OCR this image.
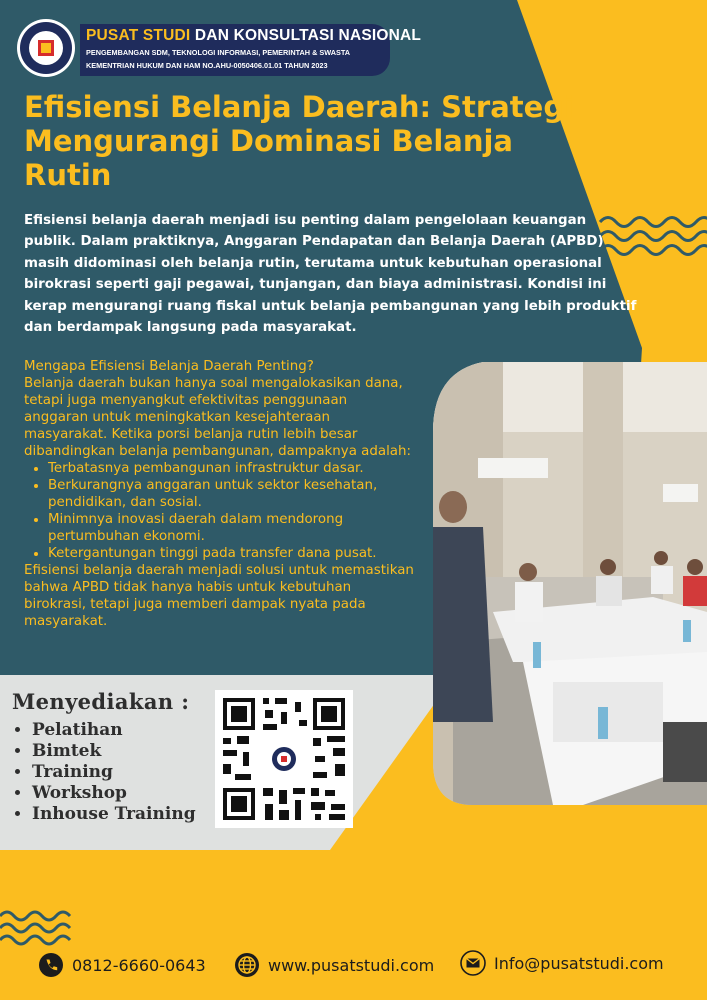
PUSAT STUDI DAN KONSULTASI NASIONAL
PENGEMBANGAN SDM, TEKNOLOGI INFORMASI, PEMERINTAH & SWASTA
KEMENTRIAN HUKUM DAN HAM NO.AHU-0050406.01.01 TAHUN 2023
Efisiensi Belanja Daerah: Strategi
Mengurangi Dominasi Belanja
Rutin

Efisiensi belanja daerah menjadi isu penting dalam pengelolaan keuangan publik. Dalam praktiknya, Anggaran Pendapatan dan Belanja Daerah (APBD) masih didominasi oleh belanja rutin, terutama untuk kebutuhan operasional birokrasi seperti gaji pegawai, tunjangan, dan biaya administrasi. Kondisi ini kerap mengurangi ruang fiskal untuk belanja pembangunan yang lebih produktif dan berdampak langsung pada masyarakat.

Mengapa Efisiensi Belanja Daerah Penting?

Belanja daerah bukan hanya soal mengalokasikan dana, tetapi juga menyangkut efektivitas penggunaan anggaran untuk meningkatkan kesejahteraan masyarakat. Ketika porsi belanja rutin lebih besar dibandingkan belanja pembangunan, dampaknya adalah:

• Terbatasnya pembangunan infrastruktur dasar.
• Berkurangnya anggaran untuk sektor kesehatan, pendidikan, dan sosial.
• Minimnya inovasi daerah dalam mendorong pertumbuhan ekonomi.
• Ketergantungan tinggi pada transfer dana pusat.

Efisiensi belanja daerah menjadi solusi untuk memastikan bahwa APBD tidak hanya habis untuk kebutuhan birokrasi, tetapi juga memberi dampak nyata pada masyarakat.

Menyediakan :

• Pelatihan
• Bimtek
• Training
• Workshop
• Inhouse Training
0812-6660-0643	www.pusatstudi.com	Info@pusatstudi.com
